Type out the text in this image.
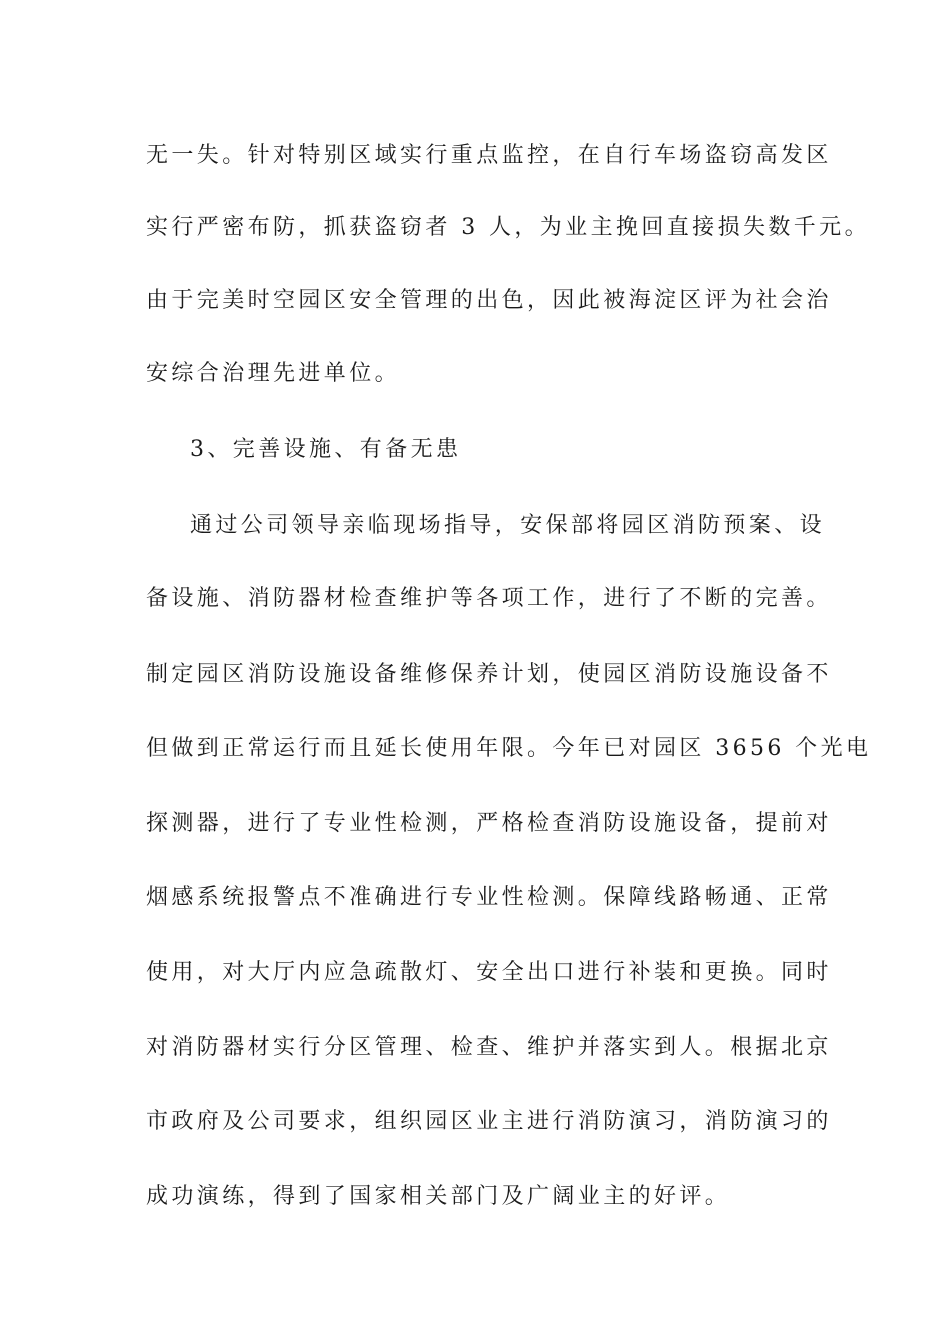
无一失。针对特别区域实行重点监控，在自行车场盗窃高发区
实行严密布防，抓获盗窃者 3 人，为业主挽回直接损失数千元。
由于完美时空园区安全管理的出色，因此被海淀区评为社会治
安综合治理先进单位。
3、完善设施、有备无患
通过公司领导亲临现场指导，安保部将园区消防预案、设
备设施、消防器材检查维护等各项工作，进行了不断的完善。
制定园区消防设施设备维修保养计划，使园区消防设施设备不
但做到正常运行而且延长使用年限。今年已对园区 3656 个光电
探测器，进行了专业性检测，严格检查消防设施设备，提前对
烟感系统报警点不准确进行专业性检测。保障线路畅通、正常
使用，对大厅内应急疏散灯、安全出口进行补装和更换。同时
对消防器材实行分区管理、检查、维护并落实到人。根据北京
市政府及公司要求，组织园区业主进行消防演习，消防演习的
成功演练，得到了国家相关部门及广阔业主的好评。
